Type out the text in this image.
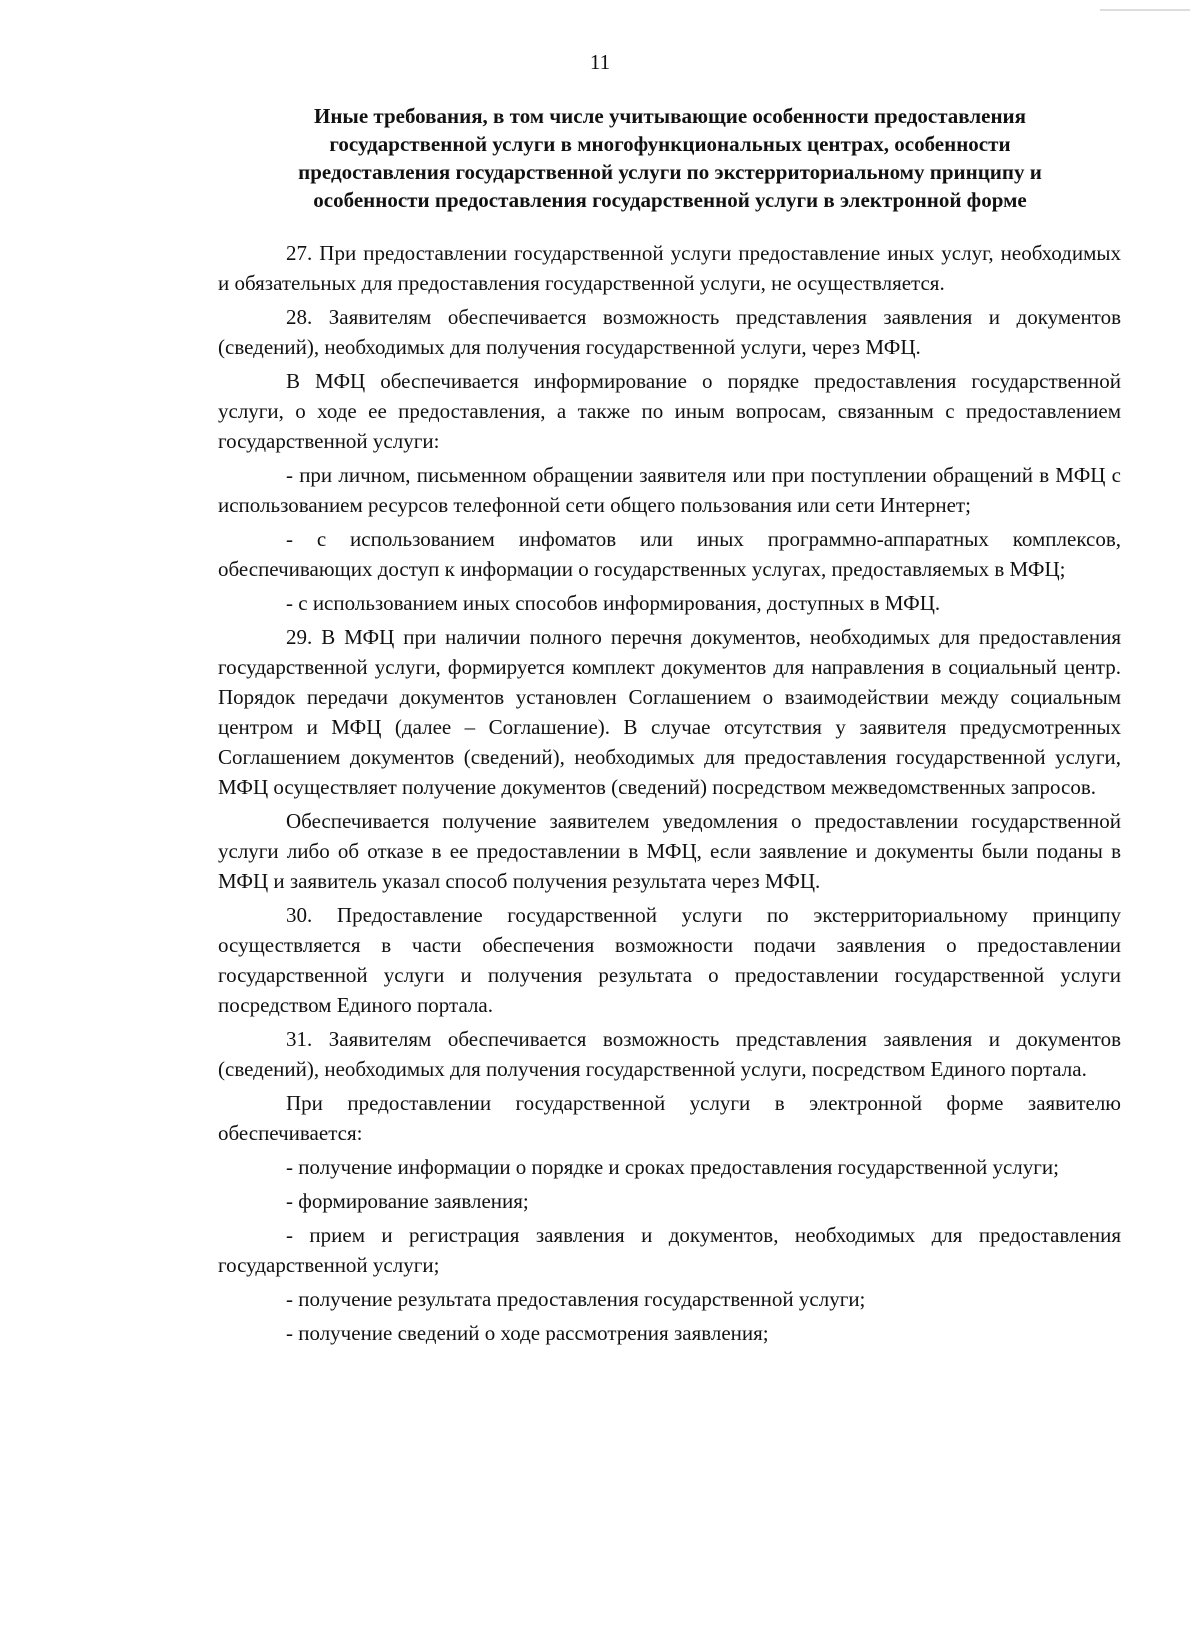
11
Иные требования, в том числе учитывающие особенности предоставления
государственной услуги в многофункциональных центрах, особенности
предоставления государственной услуги по экстерриториальному принципу и
особенности предоставления государственной услуги в электронной форме

27. При предоставлении государственной услуги предоставление иных услуг, необходимых и обязательных для предоставления государственной услуги, не осуществляется.

28. Заявителям обеспечивается возможность представления заявления и документов (сведений), необходимых для получения государственной услуги, через МФЦ.

В МФЦ обеспечивается информирование о порядке предоставления государственной услуги, о ходе ее предоставления, а также по иным вопросам, связанным с предоставлением государственной услуги:

- при личном, письменном обращении заявителя или при поступлении обращений в МФЦ с использованием ресурсов телефонной сети общего пользования или сети Интернет;

- с использованием инфоматов или иных программно-аппаратных комплексов, обеспечивающих доступ к информации о государственных услугах, предоставляемых в МФЦ;

- с использованием иных способов информирования, доступных в МФЦ.

29. В МФЦ при наличии полного перечня документов, необходимых для предоставления государственной услуги, формируется комплект документов для направления в социальный центр. Порядок передачи документов установлен Соглашением о взаимодействии между социальным центром и МФЦ (далее – Соглашение). В случае отсутствия у заявителя предусмотренных Соглашением документов (сведений), необходимых для предоставления государственной услуги, МФЦ осуществляет получение документов (сведений) посредством межведомственных запросов.

Обеспечивается получение заявителем уведомления о предоставлении государственной услуги либо об отказе в ее предоставлении в МФЦ, если заявление и документы были поданы в МФЦ и заявитель указал способ получения результата через МФЦ.

30. Предоставление государственной услуги по экстерриториальному принципу осуществляется в части обеспечения возможности подачи заявления о предоставлении государственной услуги и получения результата о предоставлении государственной услуги посредством Единого портала.

31. Заявителям обеспечивается возможность представления заявления и документов (сведений), необходимых для получения государственной услуги, посредством Единого портала.

При предоставлении государственной услуги в электронной форме заявителю обеспечивается:

- получение информации о порядке и сроках предоставления государственной услуги;

- формирование заявления;

- прием и регистрация заявления и документов, необходимых для предоставления государственной услуги;

- получение результата предоставления государственной услуги;

- получение сведений о ходе рассмотрения заявления;
